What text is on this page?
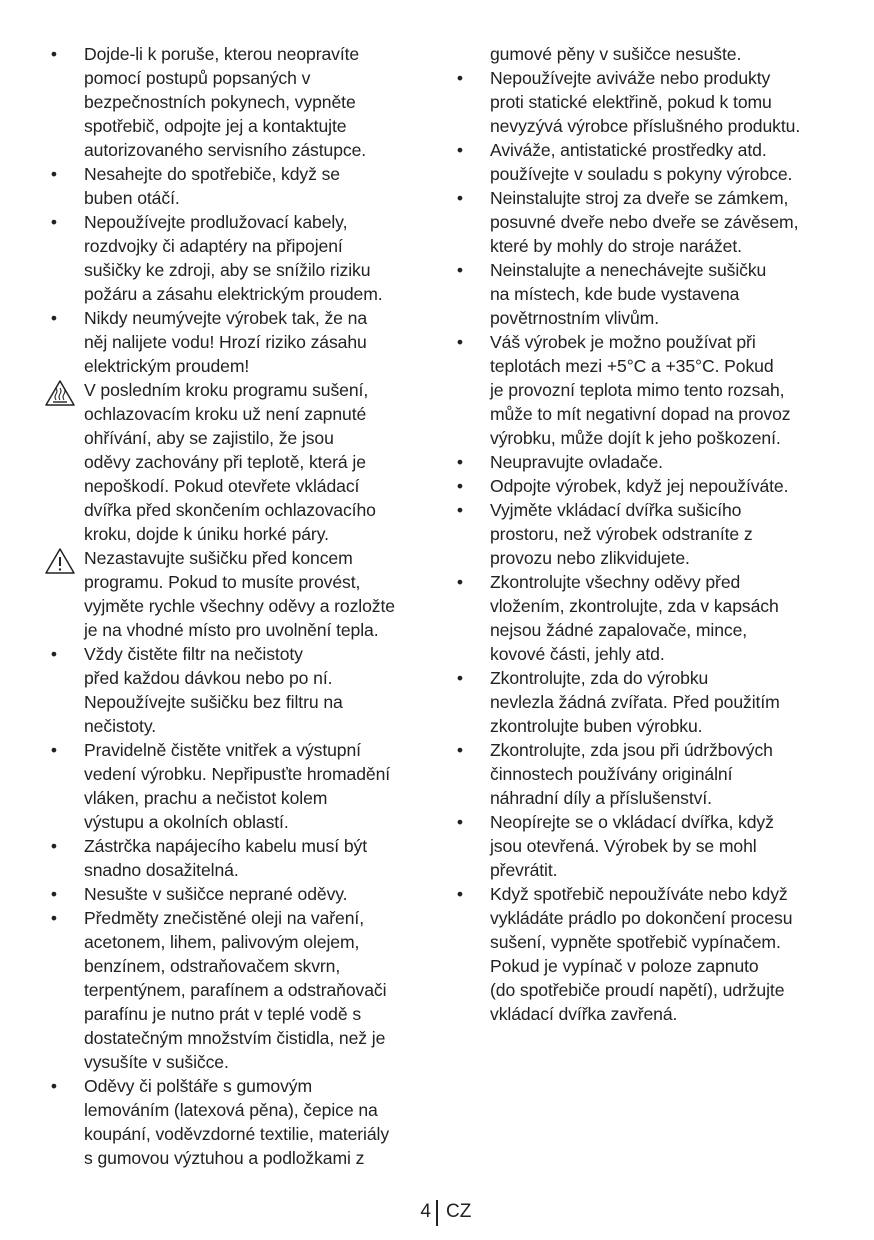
• Dojde-li k poruše, kterou neopravíte
pomocí postupů popsaných v
bezpečnostních pokynech, vypněte
spotřebič, odpojte jej a kontaktujte
autorizovaného servisního zástupce.
• Nesahejte do spotřebiče, když se
buben otáčí.
• Nepoužívejte prodlužovací kabely,
rozdvojky či adaptéry na připojení
sušičky ke zdroji, aby se snížilo riziku
požáru a zásahu elektrickým proudem.
• Nikdy neumývejte výrobek tak, že na
něj nalijete vodu! Hrozí riziko zásahu
elektrickým proudem!
V posledním kroku programu sušení,
ochlazovacím kroku už není zapnuté
ohřívání, aby se zajistilo, že jsou
oděvy zachovány při teplotě, která je
nepoškodí. Pokud otevřete vkládací
dvířka před skončením ochlazovacího
kroku, dojde k úniku horké páry.
Nezastavujte sušičku před koncem
programu. Pokud to musíte provést,
vyjměte rychle všechny oděvy a rozložte
je na vhodné místo pro uvolnění tepla.
• Vždy čistěte filtr na nečistoty
před každou dávkou nebo po ní.
Nepoužívejte sušičku bez filtru na
nečistoty.
• Pravidelně čistěte vnitřek a výstupní
vedení výrobku. Nepřipusťte hromadění
vláken, prachu a nečistot kolem
výstupu a okolních oblastí.
• Zástrčka napájecího kabelu musí být
snadno dosažitelná.
• Nesušte v sušičce neprané oděvy.
• Předměty znečistěné oleji na vaření,
acetonem, lihem, palivovým olejem,
benzínem, odstraňovačem skvrn,
terpentýnem, parafínem a odstraňovači
parafínu je nutno prát v teplé vodě s
dostatečným množstvím čistidla, než je
vysušíte v sušičce.
• Oděvy či polštáře s gumovým
lemováním (latexová pěna), čepice na
koupání, voděvzdorné textilie, materiály
s gumovou výztuhou a podložkami z
gumové pěny v sušičce nesušte.
• Nepoužívejte aviváže nebo produkty
proti statické elektřině, pokud k tomu
nevyzývá výrobce příslušného produktu.
• Aviváže, antistatické prostředky atd.
používejte v souladu s pokyny výrobce.
• Neinstalujte stroj za dveře se zámkem,
posuvné dveře nebo dveře se závěsem,
které by mohly do stroje narážet.
• Neinstalujte a nenechávejte sušičku
na místech, kde bude vystavena
povětrnostním vlivům.
• Váš výrobek je možno používat při
teplotách mezi +5°C a +35°C. Pokud
je provozní teplota mimo tento rozsah,
může to mít negativní dopad na provoz
výrobku, může dojít k jeho poškození.
• Neupravujte ovladače.
• Odpojte výrobek, když jej nepoužíváte.
• Vyjměte vkládací dvířka sušicího
prostoru, než výrobek odstraníte z
provozu nebo zlikvidujete.
• Zkontrolujte všechny oděvy před
vložením, zkontrolujte, zda v kapsách
nejsou žádné zapalovače, mince,
kovové části, jehly atd.
• Zkontrolujte, zda do výrobku
nevlezla žádná zvířata. Před použitím
zkontrolujte buben výrobku.
• Zkontrolujte, zda jsou při údržbových
činnostech používány originální
náhradní díly a příslušenství.
• Neopírejte se o vkládací dvířka, když
jsou otevřená. Výrobek by se mohl
převrátit.
• Když spotřebič nepoužíváte nebo když
vykládáte prádlo po dokončení procesu
sušení, vypněte spotřebič vypínačem.
Pokud je vypínač v poloze zapnuto
(do spotřebiče proudí napětí), udržujte
vkládací dvířka zavřená.
4 CZ
